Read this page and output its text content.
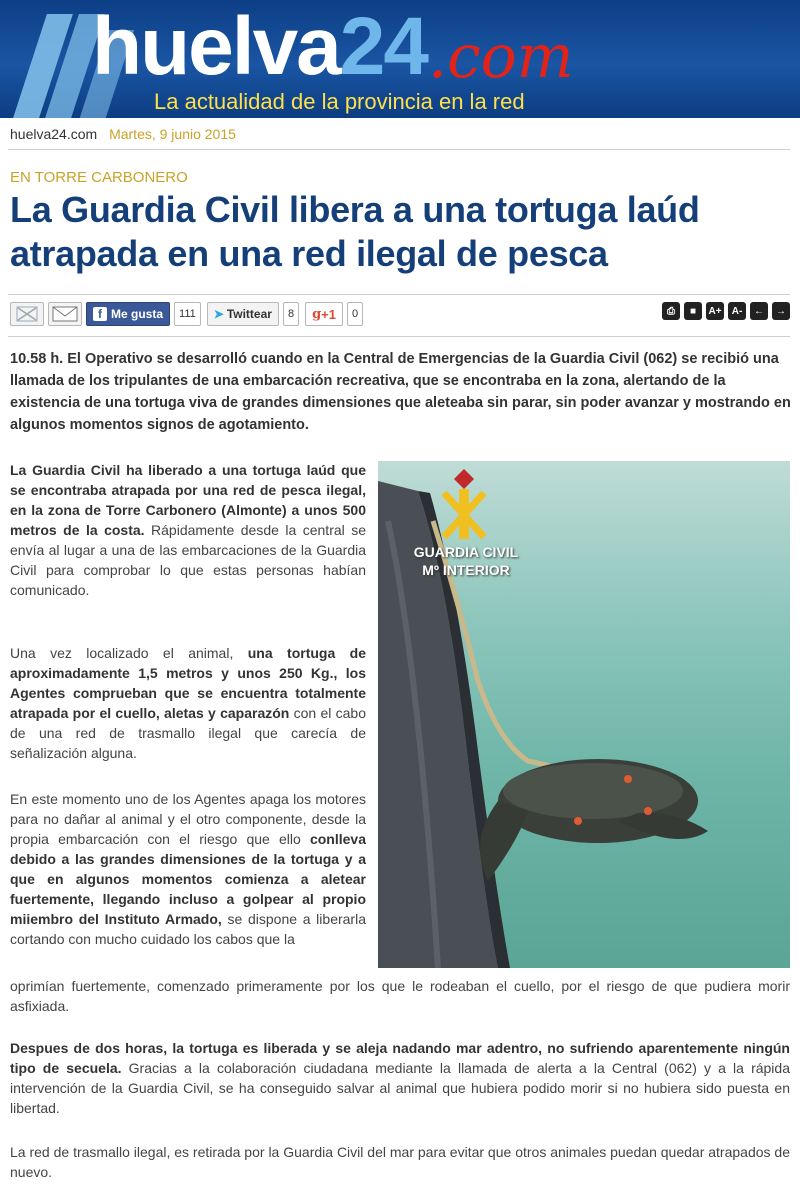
huelva24 .com
La actualidad de la provincia en la red
huelva24.com Martes, 9 junio 2015
EN TORRE CARBONERO
La Guardia Civil libera a una tortuga laúd atrapada en una red ilegal de pesca
f Me gusta	111	➤ Twittear	8	g +1	0	⎙	■	A+	A-	←	→
10.58 h. El Operativo se desarrolló cuando en la Central de Emergencias de la Guardia Civil (062) se recibió una llamada de los tripulantes de una embarcación recreativa, que se encontraba en la zona, alertando de la existencia de una tortuga viva de grandes dimensiones que aleteaba sin parar, sin poder avanzar y mostrando en algunos momentos signos de agotamiento.

La Guardia Civil ha liberado a una tortuga laúd que se encontraba atrapada por una red de pesca ilegal, en la zona de Torre Carbonero (Almonte) a unos 500 metros de la costa. Rápidamente desde la central se envía al lugar a una de las embarcaciones de la Guardia Civil para comprobar lo que estas personas habían comunicado.

Una vez localizado el animal, una tortuga de aproximadamente 1,5 metros y unos 250 Kg., los Agentes comprueban que se encuentra totalmente atrapada por el cuello, aletas y caparazón con el cabo de una red de trasmallo ilegal que carecía de señalización alguna.

En este momento uno de los Agentes apaga los motores para no dañar al animal y el otro componente, desde la propia embarcación con el riesgo que ello conlleva debido a las grandes dimensiones de la tortuga y a que en algunos momentos comienza a aletear fuertemente, llegando incluso a golpear al propio miiembro del Instituto Armado, se dispone a liberarla cortando con mucho cuidado los cabos que la

oprimían fuertemente, comenzado primeramente por los que le rodeaban el cuello, por el riesgo de que pudiera morir asfixiada.

Despues de dos horas, la tortuga es liberada y se aleja nadando mar adentro, no sufriendo aparentemente ningún tipo de secuela. Gracias a la colaboración ciudadana mediante la llamada de alerta a la Central (062) y a la rápida intervención de la Guardia Civil, se ha conseguido salvar al animal que hubiera podido morir si no hubiera sido puesta en libertad.

La red de trasmallo ilegal, es retirada por la Guardia Civil del mar para evitar que otros animales puedan quedar atrapados de nuevo.

GUARDIA CIVIL
Mº INTERIOR
